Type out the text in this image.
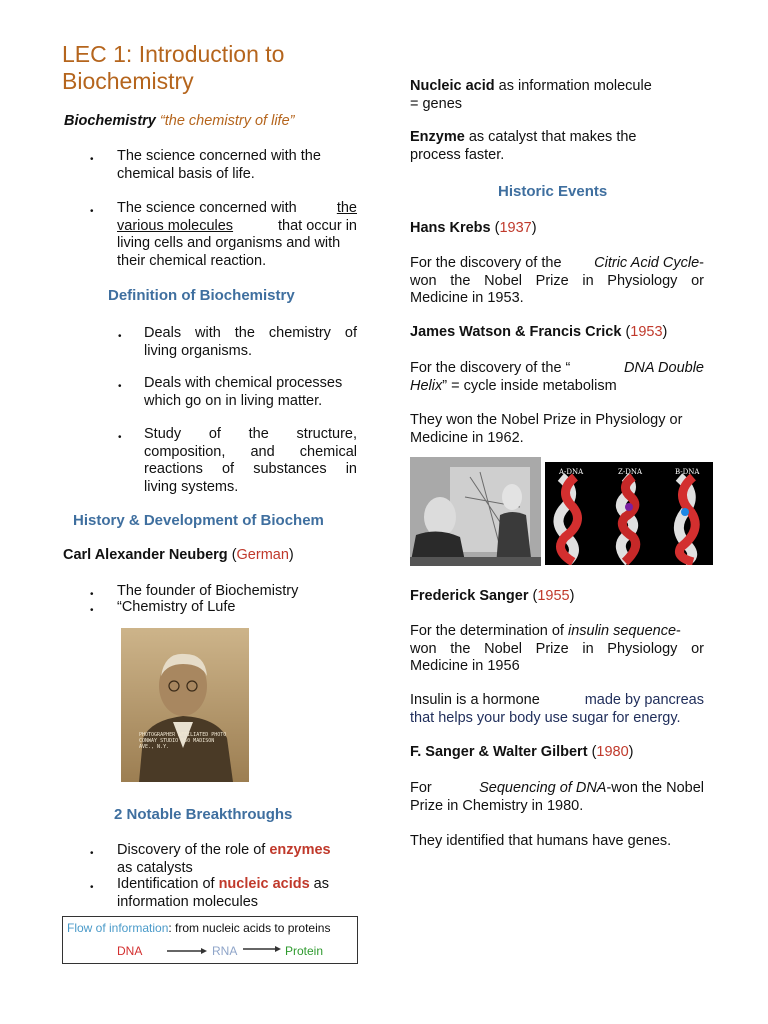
LEC 1: Introduction to
Biochemistry
Biochemistry “the chemistry of life”
• The science concerned with the
chemical basis of life.
• The science concerned with	the
various molecules	that occur in
living cells and organisms and with
their chemical reaction.
Definition of Biochemistry
• Deals with the chemistry of
living organisms.
• Deals with chemical processes
which go on in living matter.
• Study of the structure,
composition, and chemical
reactions of substances in
living systems.
History & Development of Biochem
Carl Alexander Neuberg (German)
• The founder of Biochemistry
• “Chemistry of Lufe
PHOTOGRAPHER AFFILIATED PHOTO CONWAY STUDIO 550 MADISON AVE., N.Y.
2 Notable Breakthroughs
• Discovery of the role of enzymes
as catalysts
• Identification of nucleic acids as
information molecules
Flow of information: from nucleic acids to proteins
DNA	RNA	Protein
Nucleic acid as information molecule
= genes
Enzyme as catalyst that makes the
process faster.
Historic Events
Hans Krebs (1937)
For the discovery of the Citric Acid Cycle-
won the Nobel Prize in Physiology or
Medicine in 1953.
James Watson & Francis Crick (1953)
For the discovery of the “	DNA Double
Helix” = cycle inside metabolism
They won the Nobel Prize in Physiology or
Medicine in 1962.
A-DNA	Z-DNA	B-DNA
Frederick Sanger (1955)
For the determination of insulin sequence-
won the Nobel Prize in Physiology or
Medicine in 1956
Insulin is a hormone	made by pancreas
that helps your body use sugar for energy.
F. Sanger & Walter Gilbert (1980)
For	Sequencing of DNA-won the Nobel
Prize in Chemistry in 1980.
They identified that humans have genes.
